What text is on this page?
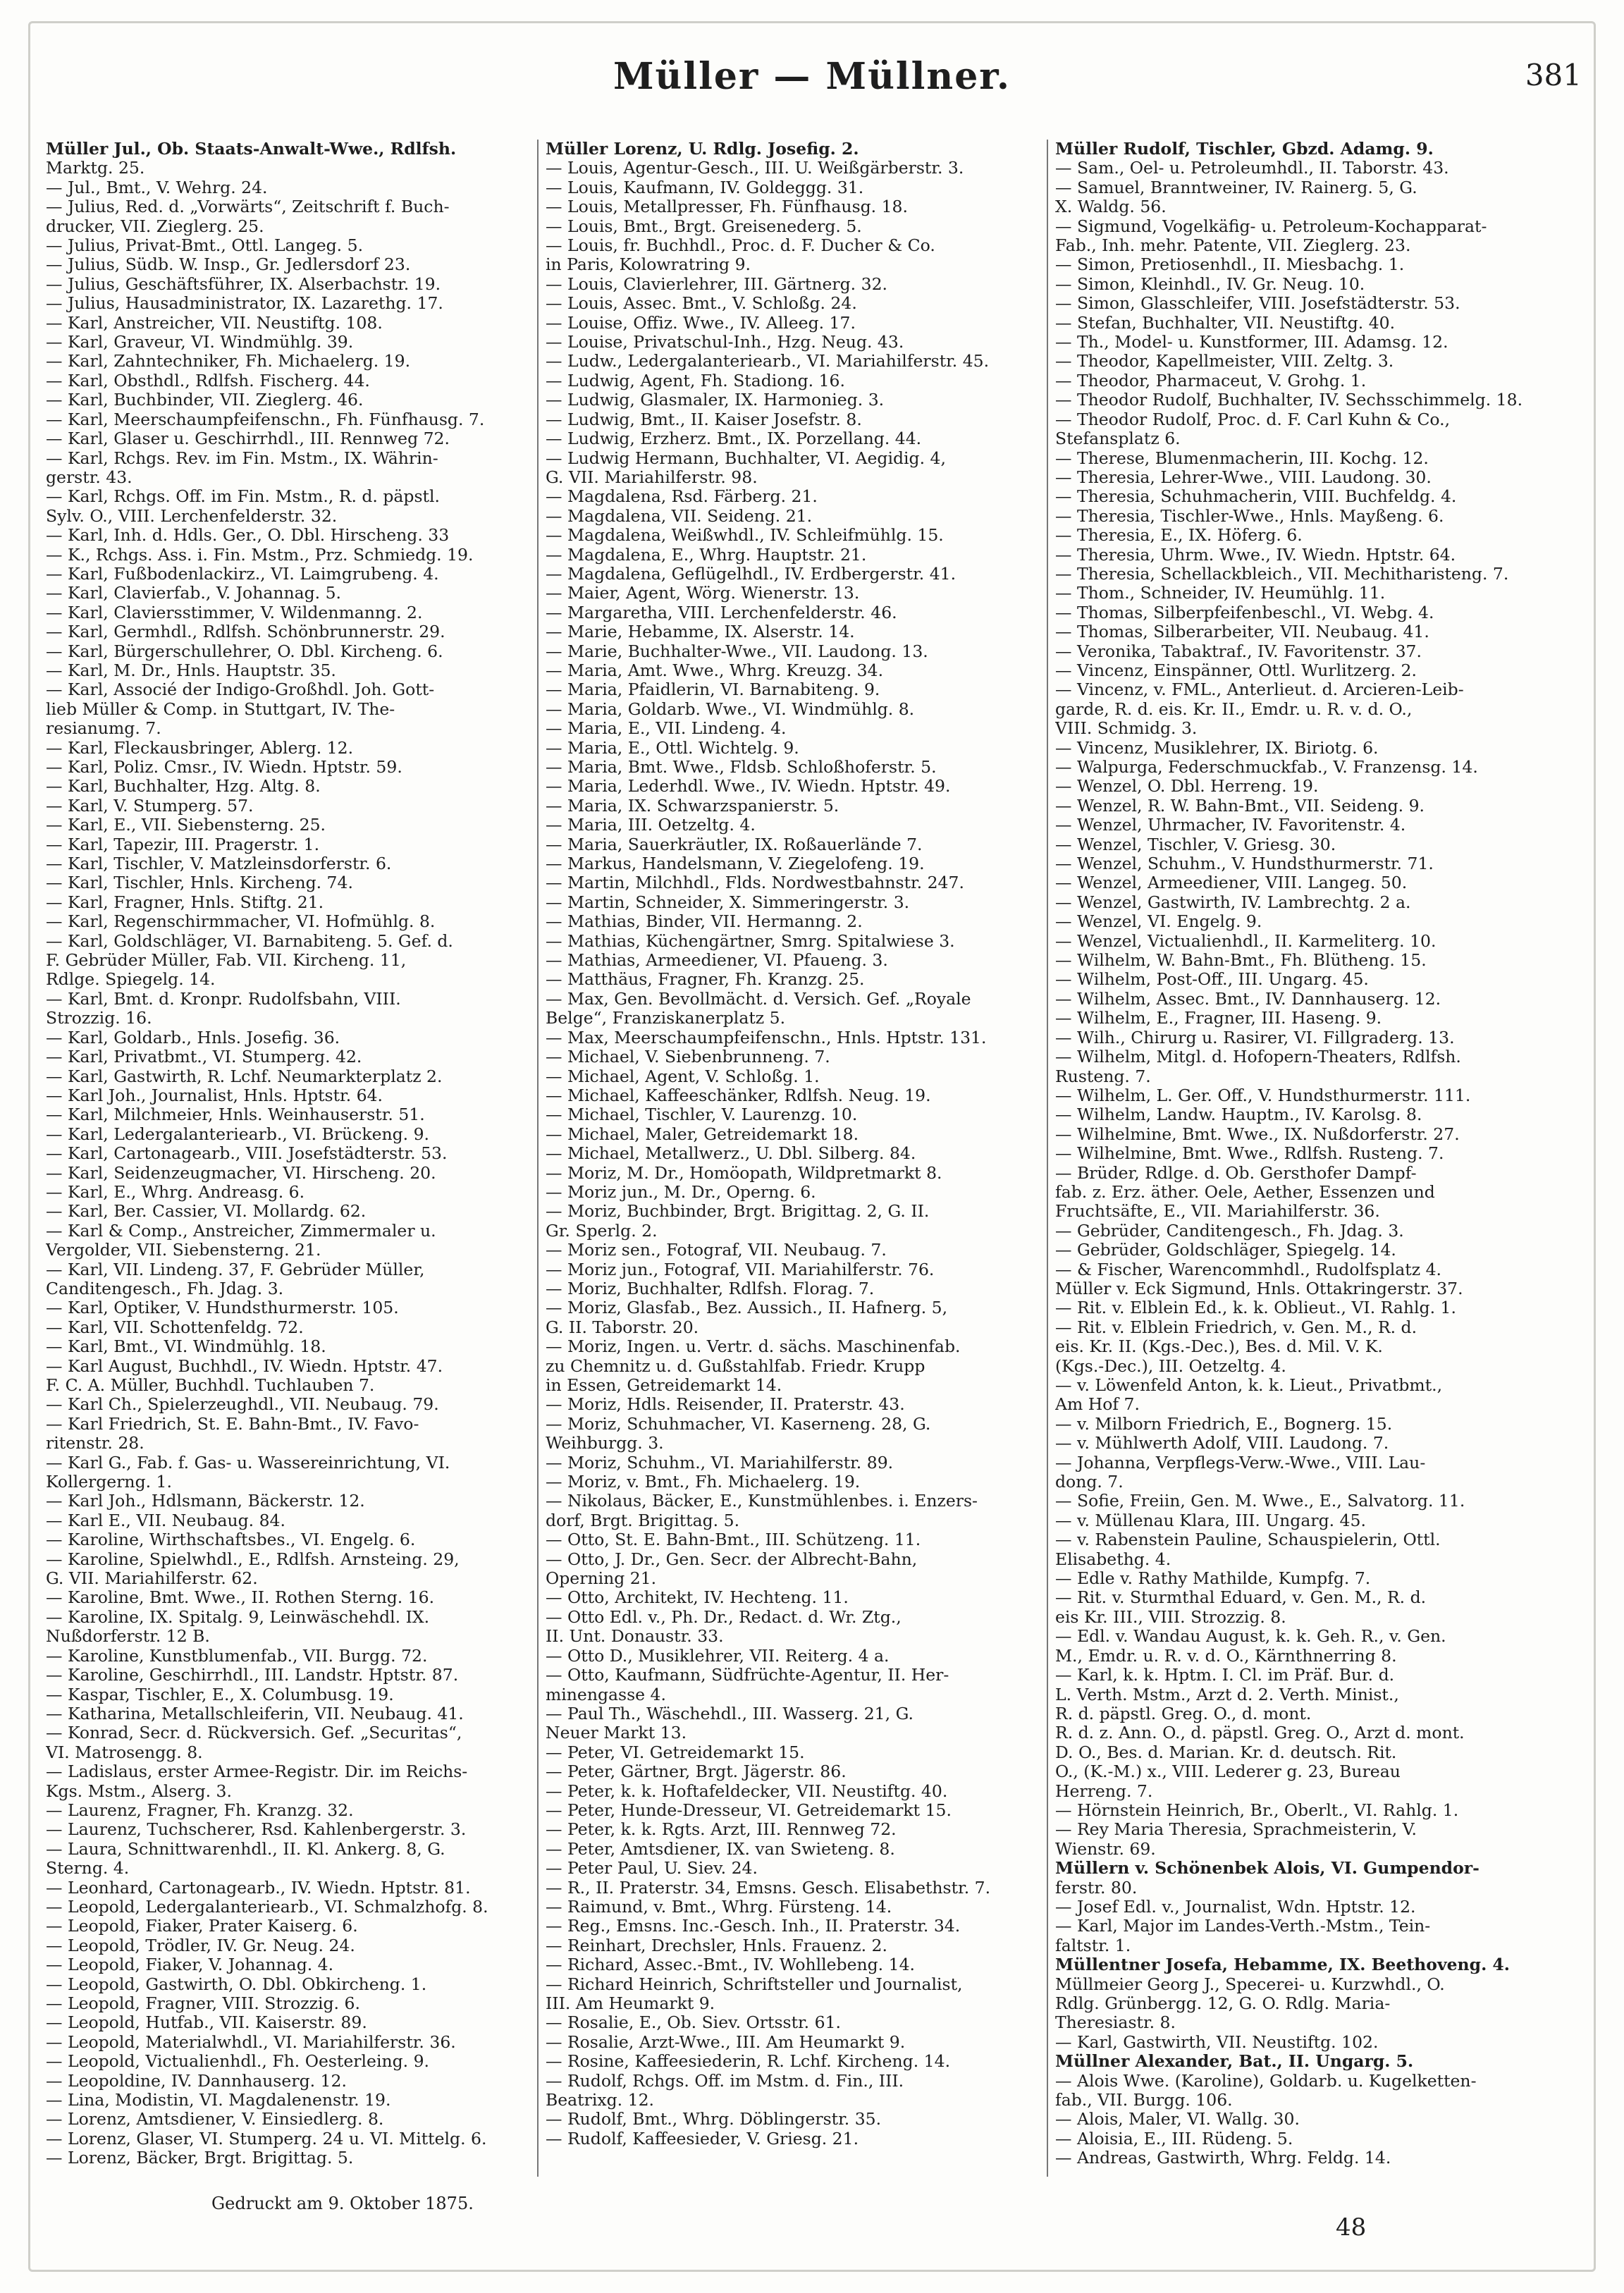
Müller — Müllner.	381
Müller Jul., Ob. Staats-Anwalt-Wwe., Rdlfsh.
Marktg. 25.
— Jul., Bmt., V. Wehrg. 24.
— Julius, Red. d. „Vorwärts“, Zeitschrift f. Buch-
drucker, VII. Zieglerg. 25.
— Julius, Privat-Bmt., Ottl. Langeg. 5.
— Julius, Südb. W. Insp., Gr. Jedlersdorf 23.
— Julius, Geschäftsführer, IX. Alserbachstr. 19.
— Julius, Hausadministrator, IX. Lazarethg. 17.
— Karl, Anstreicher, VII. Neustiftg. 108.
— Karl, Graveur, VI. Windmühlg. 39.
— Karl, Zahntechniker, Fh. Michaelerg. 19.
— Karl, Obsthdl., Rdlfsh. Fischerg. 44.
— Karl, Buchbinder, VII. Zieglerg. 46.
— Karl, Meerschaumpfeifenschn., Fh. Fünfhausg. 7.
— Karl, Glaser u. Geschirrhdl., III. Rennweg 72.
— Karl, Rchgs. Rev. im Fin. Mstm., IX. Währin-
gerstr. 43.
— Karl, Rchgs. Off. im Fin. Mstm., R. d. päpstl.
Sylv. O., VIII. Lerchenfelderstr. 32.
— Karl, Inh. d. Hdls. Ger., O. Dbl. Hirscheng. 33
— K., Rchgs. Ass. i. Fin. Mstm., Prz. Schmiedg. 19.
— Karl, Fußbodenlackirz., VI. Laimgrubeng. 4.
— Karl, Clavierfab., V. Johannag. 5.
— Karl, Claviersstimmer, V. Wildenmanng. 2.
— Karl, Germhdl., Rdlfsh. Schönbrunnerstr. 29.
— Karl, Bürgerschullehrer, O. Dbl. Kircheng. 6.
— Karl, M. Dr., Hnls. Hauptstr. 35.
— Karl, Associé der Indigo-Großhdl. Joh. Gott-
lieb Müller & Comp. in Stuttgart, IV. The-
resianumg. 7.
— Karl, Fleckausbringer, Ablerg. 12.
— Karl, Poliz. Cmsr., IV. Wiedn. Hptstr. 59.
— Karl, Buchhalter, Hzg. Altg. 8.
— Karl, V. Stumperg. 57.
— Karl, E., VII. Siebensterng. 25.
— Karl, Tapezir, III. Pragerstr. 1.
— Karl, Tischler, V. Matzleinsdorferstr. 6.
— Karl, Tischler, Hnls. Kircheng. 74.
— Karl, Fragner, Hnls. Stiftg. 21.
— Karl, Regenschirmmacher, VI. Hofmühlg. 8.
— Karl, Goldschläger, VI. Barnabiteng. 5. Gef. d.
F. Gebrüder Müller, Fab. VII. Kircheng. 11,
Rdlge. Spiegelg. 14.
— Karl, Bmt. d. Kronpr. Rudolfsbahn, VIII.
Strozzig. 16.
— Karl, Goldarb., Hnls. Josefig. 36.
— Karl, Privatbmt., VI. Stumperg. 42.
— Karl, Gastwirth, R. Lchf. Neumarkterplatz 2.
— Karl Joh., Journalist, Hnls. Hptstr. 64.
— Karl, Milchmeier, Hnls. Weinhauserstr. 51.
— Karl, Ledergalanteriearb., VI. Brückeng. 9.
— Karl, Cartonagearb., VIII. Josefstädterstr. 53.
— Karl, Seidenzeugmacher, VI. Hirscheng. 20.
— Karl, E., Whrg. Andreasg. 6.
— Karl, Ber. Cassier, VI. Mollardg. 62.
— Karl & Comp., Anstreicher, Zimmermaler u.
Vergolder, VII. Siebensterng. 21.
— Karl, VII. Lindeng. 37, F. Gebrüder Müller,
Canditengesch., Fh. Jdag. 3.
— Karl, Optiker, V. Hundsthurmerstr. 105.
— Karl, VII. Schottenfeldg. 72.
— Karl, Bmt., VI. Windmühlg. 18.
— Karl August, Buchhdl., IV. Wiedn. Hptstr. 47.
F. C. A. Müller, Buchhdl. Tuchlauben 7.
— Karl Ch., Spielerzeughdl., VII. Neubaug. 79.
— Karl Friedrich, St. E. Bahn-Bmt., IV. Favo-
ritenstr. 28.
— Karl G., Fab. f. Gas- u. Wassereinrichtung, VI.
Kollergerng. 1.
— Karl Joh., Hdlsmann, Bäckerstr. 12.
— Karl E., VII. Neubaug. 84.
— Karoline, Wirthschaftsbes., VI. Engelg. 6.
— Karoline, Spielwhdl., E., Rdlfsh. Arnsteing. 29,
G. VII. Mariahilferstr. 62.
— Karoline, Bmt. Wwe., II. Rothen Sterng. 16.
— Karoline, IX. Spitalg. 9, Leinwäschehdl. IX.
Nußdorferstr. 12 B.
— Karoline, Kunstblumenfab., VII. Burgg. 72.
— Karoline, Geschirrhdl., III. Landstr. Hptstr. 87.
— Kaspar, Tischler, E., X. Columbusg. 19.
— Katharina, Metallschleiferin, VII. Neubaug. 41.
— Konrad, Secr. d. Rückversich. Gef. „Securitas“,
VI. Matrosengg. 8.
— Ladislaus, erster Armee-Registr. Dir. im Reichs-
Kgs. Mstm., Alserg. 3.
— Laurenz, Fragner, Fh. Kranzg. 32.
— Laurenz, Tuchscherer, Rsd. Kahlenbergerstr. 3.
— Laura, Schnittwarenhdl., II. Kl. Ankerg. 8, G.
Sterng. 4.
— Leonhard, Cartonagearb., IV. Wiedn. Hptstr. 81.
— Leopold, Ledergalanteriearb., VI. Schmalzhofg. 8.
— Leopold, Fiaker, Prater Kaiserg. 6.
— Leopold, Trödler, IV. Gr. Neug. 24.
— Leopold, Fiaker, V. Johannag. 4.
— Leopold, Gastwirth, O. Dbl. Obkircheng. 1.
— Leopold, Fragner, VIII. Strozzig. 6.
— Leopold, Hutfab., VII. Kaiserstr. 89.
— Leopold, Materialwhdl., VI. Mariahilferstr. 36.
— Leopold, Victualienhdl., Fh. Oesterleing. 9.
— Leopoldine, IV. Dannhauserg. 12.
— Lina, Modistin, VI. Magdalenenstr. 19.
— Lorenz, Amtsdiener, V. Einsiedlerg. 8.
— Lorenz, Glaser, VI. Stumperg. 24 u. VI. Mittelg. 6.
— Lorenz, Bäcker, Brgt. Brigittag. 5.
Müller Lorenz, U. Rdlg. Josefig. 2.
— Louis, Agentur-Gesch., III. U. Weißgärberstr. 3.
— Louis, Kaufmann, IV. Goldeggg. 31.
— Louis, Metallpresser, Fh. Fünfhausg. 18.
— Louis, Bmt., Brgt. Greisenederg. 5.
— Louis, fr. Buchhdl., Proc. d. F. Ducher & Co.
in Paris, Kolowratring 9.
— Louis, Clavierlehrer, III. Gärtnerg. 32.
— Louis, Assec. Bmt., V. Schloßg. 24.
— Louise, Offiz. Wwe., IV. Alleeg. 17.
— Louise, Privatschul-Inh., Hzg. Neug. 43.
— Ludw., Ledergalanteriearb., VI. Mariahilferstr. 45.
— Ludwig, Agent, Fh. Stadiong. 16.
— Ludwig, Glasmaler, IX. Harmonieg. 3.
— Ludwig, Bmt., II. Kaiser Josefstr. 8.
— Ludwig, Erzherz. Bmt., IX. Porzellang. 44.
— Ludwig Hermann, Buchhalter, VI. Aegidig. 4,
G. VII. Mariahilferstr. 98.
— Magdalena, Rsd. Färberg. 21.
— Magdalena, VII. Seideng. 21.
— Magdalena, Weißwhdl., IV. Schleifmühlg. 15.
— Magdalena, E., Whrg. Hauptstr. 21.
— Magdalena, Geflügelhdl., IV. Erdbergerstr. 41.
— Maier, Agent, Wörg. Wienerstr. 13.
— Margaretha, VIII. Lerchenfelderstr. 46.
— Marie, Hebamme, IX. Alserstr. 14.
— Marie, Buchhalter-Wwe., VII. Laudong. 13.
— Maria, Amt. Wwe., Whrg. Kreuzg. 34.
— Maria, Pfaidlerin, VI. Barnabiteng. 9.
— Maria, Goldarb. Wwe., VI. Windmühlg. 8.
— Maria, E., VII. Lindeng. 4.
— Maria, E., Ottl. Wichtelg. 9.
— Maria, Bmt. Wwe., Fldsb. Schloßhoferstr. 5.
— Maria, Lederhdl. Wwe., IV. Wiedn. Hptstr. 49.
— Maria, IX. Schwarzspanierstr. 5.
— Maria, III. Oetzeltg. 4.
— Maria, Sauerkräutler, IX. Roßauerlände 7.
— Markus, Handelsmann, V. Ziegelofeng. 19.
— Martin, Milchhdl., Flds. Nordwestbahnstr. 247.
— Martin, Schneider, X. Simmeringerstr. 3.
— Mathias, Binder, VII. Hermanng. 2.
— Mathias, Küchengärtner, Smrg. Spitalwiese 3.
— Mathias, Armeediener, VI. Pfaueng. 3.
— Matthäus, Fragner, Fh. Kranzg. 25.
— Max, Gen. Bevollmächt. d. Versich. Gef. „Royale
Belge“, Franziskanerplatz 5.
— Max, Meerschaumpfeifenschn., Hnls. Hptstr. 131.
— Michael, V. Siebenbrunneng. 7.
— Michael, Agent, V. Schloßg. 1.
— Michael, Kaffeeschänker, Rdlfsh. Neug. 19.
— Michael, Tischler, V. Laurenzg. 10.
— Michael, Maler, Getreidemarkt 18.
— Michael, Metallwerz., U. Dbl. Silberg. 84.
— Moriz, M. Dr., Homöopath, Wildpretmarkt 8.
— Moriz jun., M. Dr., Operng. 6.
— Moriz, Buchbinder, Brgt. Brigittag. 2, G. II.
Gr. Sperlg. 2.
— Moriz sen., Fotograf, VII. Neubaug. 7.
— Moriz jun., Fotograf, VII. Mariahilferstr. 76.
— Moriz, Buchhalter, Rdlfsh. Florag. 7.
— Moriz, Glasfab., Bez. Aussich., II. Hafnerg. 5,
G. II. Taborstr. 20.
— Moriz, Ingen. u. Vertr. d. sächs. Maschinenfab.
zu Chemnitz u. d. Gußstahlfab. Friedr. Krupp
in Essen, Getreidemarkt 14.
— Moriz, Hdls. Reisender, II. Praterstr. 43.
— Moriz, Schuhmacher, VI. Kaserneng. 28, G.
Weihburgg. 3.
— Moriz, Schuhm., VI. Mariahilferstr. 89.
— Moriz, v. Bmt., Fh. Michaelerg. 19.
— Nikolaus, Bäcker, E., Kunstmühlenbes. i. Enzers-
dorf, Brgt. Brigittag. 5.
— Otto, St. E. Bahn-Bmt., III. Schützeng. 11.
— Otto, J. Dr., Gen. Secr. der Albrecht-Bahn,
Operning 21.
— Otto, Architekt, IV. Hechteng. 11.
— Otto Edl. v., Ph. Dr., Redact. d. Wr. Ztg.,
II. Unt. Donaustr. 33.
— Otto D., Musiklehrer, VII. Reiterg. 4 a.
— Otto, Kaufmann, Südfrüchte-Agentur, II. Her-
minengasse 4.
— Paul Th., Wäschehdl., III. Wasserg. 21, G.
Neuer Markt 13.
— Peter, VI. Getreidemarkt 15.
— Peter, Gärtner, Brgt. Jägerstr. 86.
— Peter, k. k. Hoftafeldecker, VII. Neustiftg. 40.
— Peter, Hunde-Dresseur, VI. Getreidemarkt 15.
— Peter, k. k. Rgts. Arzt, III. Rennweg 72.
— Peter, Amtsdiener, IX. van Swieteng. 8.
— Peter Paul, U. Siev. 24.
— R., II. Praterstr. 34, Emsns. Gesch. Elisabethstr. 7.
— Raimund, v. Bmt., Whrg. Fürsteng. 14.
— Reg., Emsns. Inc.-Gesch. Inh., II. Praterstr. 34.
— Reinhart, Drechsler, Hnls. Frauenz. 2.
— Richard, Assec.-Bmt., IV. Wohllebeng. 14.
— Richard Heinrich, Schriftsteller und Journalist,
III. Am Heumarkt 9.
— Rosalie, E., Ob. Siev. Ortsstr. 61.
— Rosalie, Arzt-Wwe., III. Am Heumarkt 9.
— Rosine, Kaffeesiederin, R. Lchf. Kircheng. 14.
— Rudolf, Rchgs. Off. im Mstm. d. Fin., III.
Beatrixg. 12.
— Rudolf, Bmt., Whrg. Döblingerstr. 35.
— Rudolf, Kaffeesieder, V. Griesg. 21.
Müller Rudolf, Tischler, Gbzd. Adamg. 9.
— Sam., Oel- u. Petroleumhdl., II. Taborstr. 43.
— Samuel, Branntweiner, IV. Rainerg. 5, G.
X. Waldg. 56.
— Sigmund, Vogelkäfig- u. Petroleum-Kochapparat-
Fab., Inh. mehr. Patente, VII. Zieglerg. 23.
— Simon, Pretiosenhdl., II. Miesbachg. 1.
— Simon, Kleinhdl., IV. Gr. Neug. 10.
— Simon, Glasschleifer, VIII. Josefstädterstr. 53.
— Stefan, Buchhalter, VII. Neustiftg. 40.
— Th., Model- u. Kunstformer, III. Adamsg. 12.
— Theodor, Kapellmeister, VIII. Zeltg. 3.
— Theodor, Pharmaceut, V. Grohg. 1.
— Theodor Rudolf, Buchhalter, IV. Sechsschimmelg. 18.
— Theodor Rudolf, Proc. d. F. Carl Kuhn & Co.,
Stefansplatz 6.
— Therese, Blumenmacherin, III. Kochg. 12.
— Theresia, Lehrer-Wwe., VIII. Laudong. 30.
— Theresia, Schuhmacherin, VIII. Buchfeldg. 4.
— Theresia, Tischler-Wwe., Hnls. Mayßeng. 6.
— Theresia, E., IX. Höferg. 6.
— Theresia, Uhrm. Wwe., IV. Wiedn. Hptstr. 64.
— Theresia, Schellackbleich., VII. Mechitharisteng. 7.
— Thom., Schneider, IV. Heumühlg. 11.
— Thomas, Silberpfeifenbeschl., VI. Webg. 4.
— Thomas, Silberarbeiter, VII. Neubaug. 41.
— Veronika, Tabaktraf., IV. Favoritenstr. 37.
— Vincenz, Einspänner, Ottl. Wurlitzerg. 2.
— Vincenz, v. FML., Anterlieut. d. Arcieren-Leib-
garde, R. d. eis. Kr. II., Emdr. u. R. v. d. O.,
VIII. Schmidg. 3.
— Vincenz, Musiklehrer, IX. Biriotg. 6.
— Walpurga, Federschmuckfab., V. Franzensg. 14.
— Wenzel, O. Dbl. Herreng. 19.
— Wenzel, R. W. Bahn-Bmt., VII. Seideng. 9.
— Wenzel, Uhrmacher, IV. Favoritenstr. 4.
— Wenzel, Tischler, V. Griesg. 30.
— Wenzel, Schuhm., V. Hundsthurmerstr. 71.
— Wenzel, Armeediener, VIII. Langeg. 50.
— Wenzel, Gastwirth, IV. Lambrechtg. 2 a.
— Wenzel, VI. Engelg. 9.
— Wenzel, Victualienhdl., II. Karmeliterg. 10.
— Wilhelm, W. Bahn-Bmt., Fh. Blütheng. 15.
— Wilhelm, Post-Off., III. Ungarg. 45.
— Wilhelm, Assec. Bmt., IV. Dannhauserg. 12.
— Wilhelm, E., Fragner, III. Haseng. 9.
— Wilh., Chirurg u. Rasirer, VI. Fillgraderg. 13.
— Wilhelm, Mitgl. d. Hofopern-Theaters, Rdlfsh.
Rusteng. 7.
— Wilhelm, L. Ger. Off., V. Hundsthurmerstr. 111.
— Wilhelm, Landw. Hauptm., IV. Karolsg. 8.
— Wilhelmine, Bmt. Wwe., IX. Nußdorferstr. 27.
— Wilhelmine, Bmt. Wwe., Rdlfsh. Rusteng. 7.
— Brüder, Rdlge. d. Ob. Gersthofer Dampf-
fab. z. Erz. äther. Oele, Aether, Essenzen und
Fruchtsäfte, E., VII. Mariahilferstr. 36.
— Gebrüder, Canditengesch., Fh. Jdag. 3.
— Gebrüder, Goldschläger, Spiegelg. 14.
— & Fischer, Warencommhdl., Rudolfsplatz 4.
Müller v. Eck Sigmund, Hnls. Ottakringerstr. 37.
— Rit. v. Elblein Ed., k. k. Oblieut., VI. Rahlg. 1.
— Rit. v. Elblein Friedrich, v. Gen. M., R. d.
eis. Kr. II. (Kgs.-Dec.), Bes. d. Mil. V. K.
(Kgs.-Dec.), III. Oetzeltg. 4.
— v. Löwenfeld Anton, k. k. Lieut., Privatbmt.,
Am Hof 7.
— v. Milborn Friedrich, E., Bognerg. 15.
— v. Mühlwerth Adolf, VIII. Laudong. 7.
— Johanna, Verpflegs-Verw.-Wwe., VIII. Lau-
dong. 7.
— Sofie, Freiin, Gen. M. Wwe., E., Salvatorg. 11.
— v. Müllenau Klara, III. Ungarg. 45.
— v. Rabenstein Pauline, Schauspielerin, Ottl.
Elisabethg. 4.
— Edle v. Rathy Mathilde, Kumpfg. 7.
— Rit. v. Sturmthal Eduard, v. Gen. M., R. d.
eis Kr. III., VIII. Strozzig. 8.
— Edl. v. Wandau August, k. k. Geh. R., v. Gen.
M., Emdr. u. R. v. d. O., Kärnthnerring 8.
— Karl, k. k. Hptm. I. Cl. im Präf. Bur. d.
L. Verth. Mstm., Arzt d. 2. Verth. Minist.,
R. d. päpstl. Greg. O., d. mont.
R. d. z. Ann. O., d. päpstl. Greg. O., Arzt d. mont.
D. O., Bes. d. Marian. Kr. d. deutsch. Rit.
O., (K.-M.) x., VIII. Lederer g. 23, Bureau
Herreng. 7.
— Hörnstein Heinrich, Br., Oberlt., VI. Rahlg. 1.
— Rey Maria Theresia, Sprachmeisterin, V.
Wienstr. 69.
Müllern v. Schönenbek Alois, VI. Gumpendor-
ferstr. 80.
— Josef Edl. v., Journalist, Wdn. Hptstr. 12.
— Karl, Major im Landes-Verth.-Mstm., Tein-
faltstr. 1.
Müllentner Josefa, Hebamme, IX. Beethoveng. 4.
Müllmeier Georg J., Specerei- u. Kurzwhdl., O.
Rdlg. Grünbergg. 12, G. O. Rdlg. Maria-
Theresiastr. 8.
— Karl, Gastwirth, VII. Neustiftg. 102.
Müllner Alexander, Bat., II. Ungarg. 5.
— Alois Wwe. (Karoline), Goldarb. u. Kugelketten-
fab., VII. Burgg. 106.
— Alois, Maler, VI. Wallg. 30.
— Aloisia, E., III. Rüdeng. 5.
— Andreas, Gastwirth, Whrg. Feldg. 14.
Gedruckt am 9. Oktober 1875.
48
